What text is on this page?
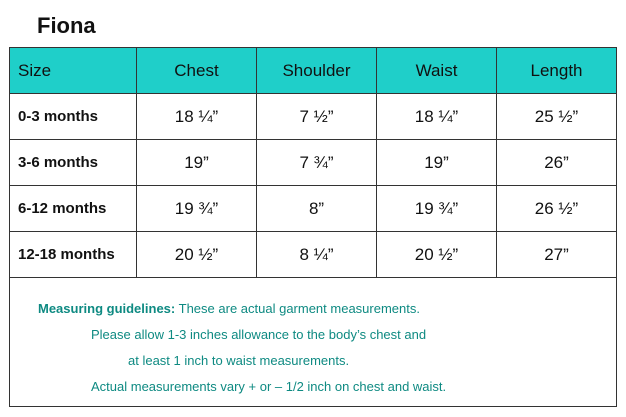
Fiona
Size	Chest	Shoulder	Waist	Length
0-3 months	18 ¼”	7 ½”	18 ¼”	25 ½”
3-6 months	19”	7 ¾”	19”	26”
6-12 months	19 ¾”	8”	19 ¾”	26 ½”
12-18 months	20 ½”	8 ¼”	20 ½”	27”

Measuring guidelines: These are actual garment measurements.
Please allow 1-3 inches allowance to the body’s chest and
at least 1 inch to waist measurements.
Actual measurements vary + or – 1/2 inch on chest and waist.				
